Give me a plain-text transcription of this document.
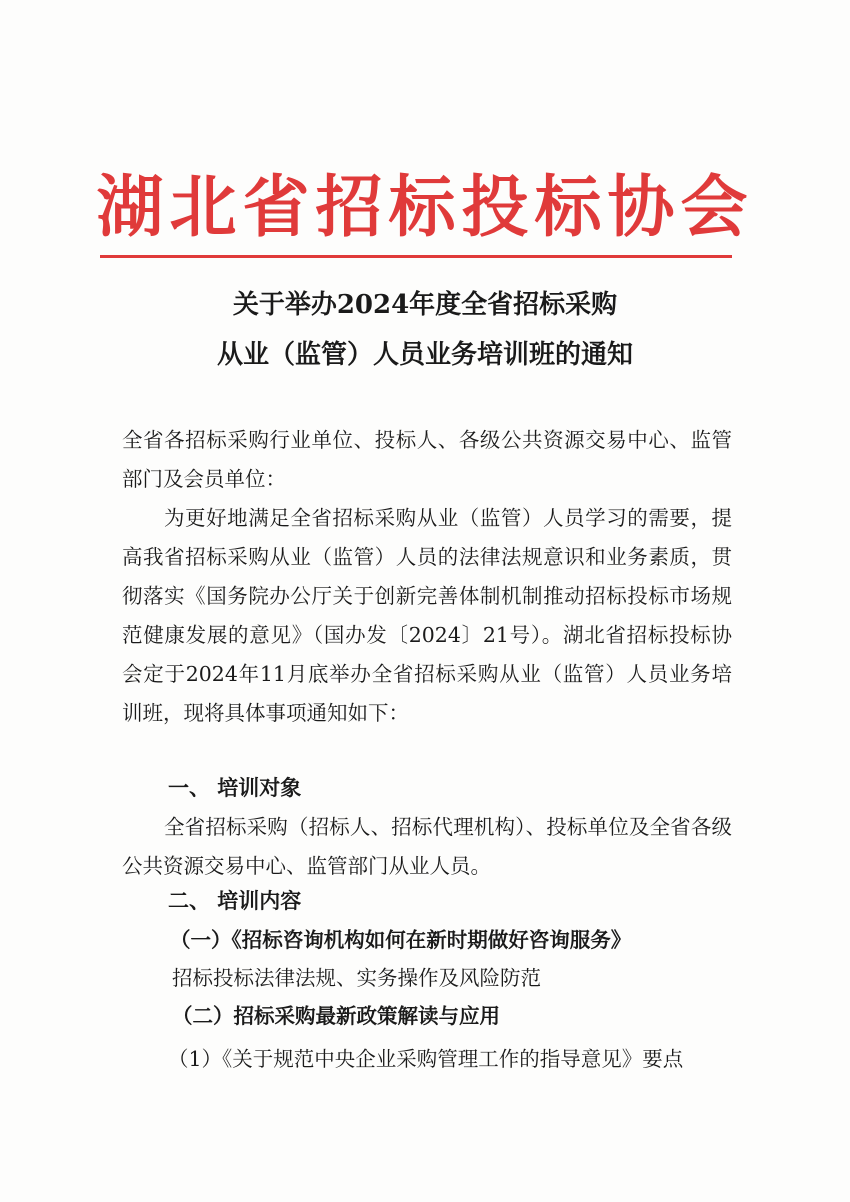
湖北省招标投标协会
关于举办2024年度全省招标采购
从业（监管）人员业务培训班的通知
全省各招标采购行业单位、投标人、各级公共资源交易中心、监管部门及会员单位：
为更好地满足全省招标采购从业（监管）人员学习的需要，提高我省招标采购从业（监管）人员的法律法规意识和业务素质，贯彻落实《国务院办公厅关于创新完善体制机制推动招标投标市场规范健康发展的意见》（国办发〔2024〕21号）。湖北省招标投标协会定于2024年11月底举办全省招标采购从业（监管）人员业务培训班，现将具体事项通知如下：
一、 培训对象
全省招标采购（招标人、招标代理机构）、投标单位及全省各级公共资源交易中心、监管部门从业人员。
二、 培训内容
（一）《招标咨询机构如何在新时期做好咨询服务》
招标投标法律法规、实务操作及风险防范
（二）招标采购最新政策解读与应用
（1）《关于规范中央企业采购管理工作的指导意见》要点
